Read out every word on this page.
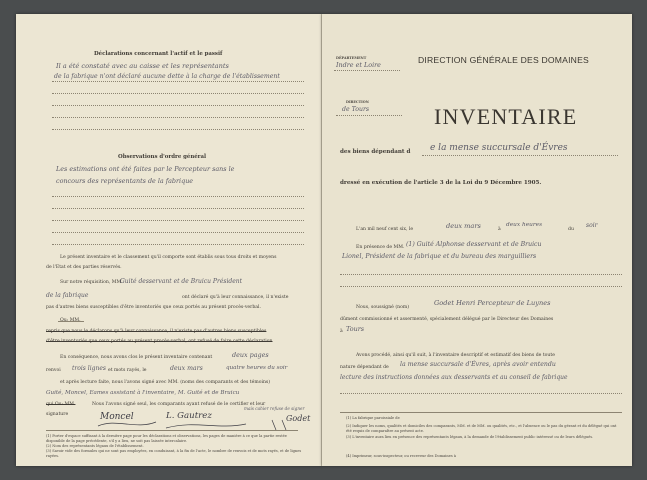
Déclarations concernant l'actif et le passif
Il a été constaté avec au caisse et les représentants
de la fabrique n'ont déclaré aucune dette à la charge de l'établissement
Observations d'ordre général
Les estimations ont été faites par le Percepteur sans le
concours des représentants de la fabrique
Le présent inventaire et le classement qu'il comporte sont établis sous tous droits et moyens
de l'Etat et des parties réservés.
Sur notre réquisition, MM.
Guité desservant et de Bruicu Président
de la fabrique	ont déclaré qu'à leur connaissance, il n'existe
pas d'autres biens susceptibles d'être inventoriés que ceux portés au présent procès-verbal.
Ou: MM.
repris que nous le déclarons qu'à leur connaissance, il n'existe pas d'autres biens susceptibles
d'être inventoriés que ceux portés au présent procès-verbal, ont refusé de faire cette déclaration
En conséquence, nous avons clos le présent inventaire contenant	deux pages
renvoi trois lignes et mots rayés, le	deux mars	quatre heures du soir
et après lecture faite, nous l'avons signé avec MM. (noms des comparants et des témoins)
Guité, Moncel, Eames assistant à l'inventaire, M. Guité et de Bruicu
qui Ou: MM.	Nous l'avons signé seul, les comparants ayant refusé de le certifier et leur
signature	Moncel	L. Gautrez	Godet
mais cahier refuse de signer
(1) Porter d'espace suffisant à la dernière page pour les déclarations et observations, les pages de manière à ce que la partie restée disponible de la page précédente, s'il y a lieu, ne soit pas laissée intercalaire.
(2) Nom des représentants légaux de l'établissement.
(3) Savoir vide des formules qui ne sont pas employées, en conduisant, à la fin de l'acte, le nombre de renvois et de mots rayés, et de lignes rayées.
DÉPARTEMENT
Indre et Loire
DIRECTION
de Tours
DIRECTION GÉNÉRALE DES DOMAINES
INVENTAIRE
des biens dépendant d e la mense succursale d'Évres
dressé en exécution de l'article 3 de la Loi du 9 Décembre 1905.
L'an mil neuf cent six, le	deux mars	à
deux heures
du
soir
En présence de MM. (1) Guité Alphonse desservant et de Bruicu
Lionel, Président de la fabrique et du bureau des marguilliers
Nous, soussigné (nom)
Godet Henri Percepteur de Luynes
dûment commissionné et assermenté, spécialement délégué par le Directeur des Domaines
à Tours
Avons procédé, ainsi qu'il suit, à l'inventaire descriptif et estimatif des biens de toute
nature dépendant de la mense succursale d'Évres, après avoir entendu
lecture des instructions données aux desservants et au conseil de fabrique
(1) La fabrique paroissiale de
(2) Indiquer les noms, qualités et domiciles des comparants, MM. et de MM. ou qualités, etc., et l'absence ou le pas du gérant et du délégué qui ont été requis de comparaître au présent acte.
(3) L'inventaire aura lieu en présence des représentants légaux, à la demande de l'établissement public intéressé ou de leurs délégués.
(4) Imprimeur, sous-inspecteur, ou receveur des Domaines à
